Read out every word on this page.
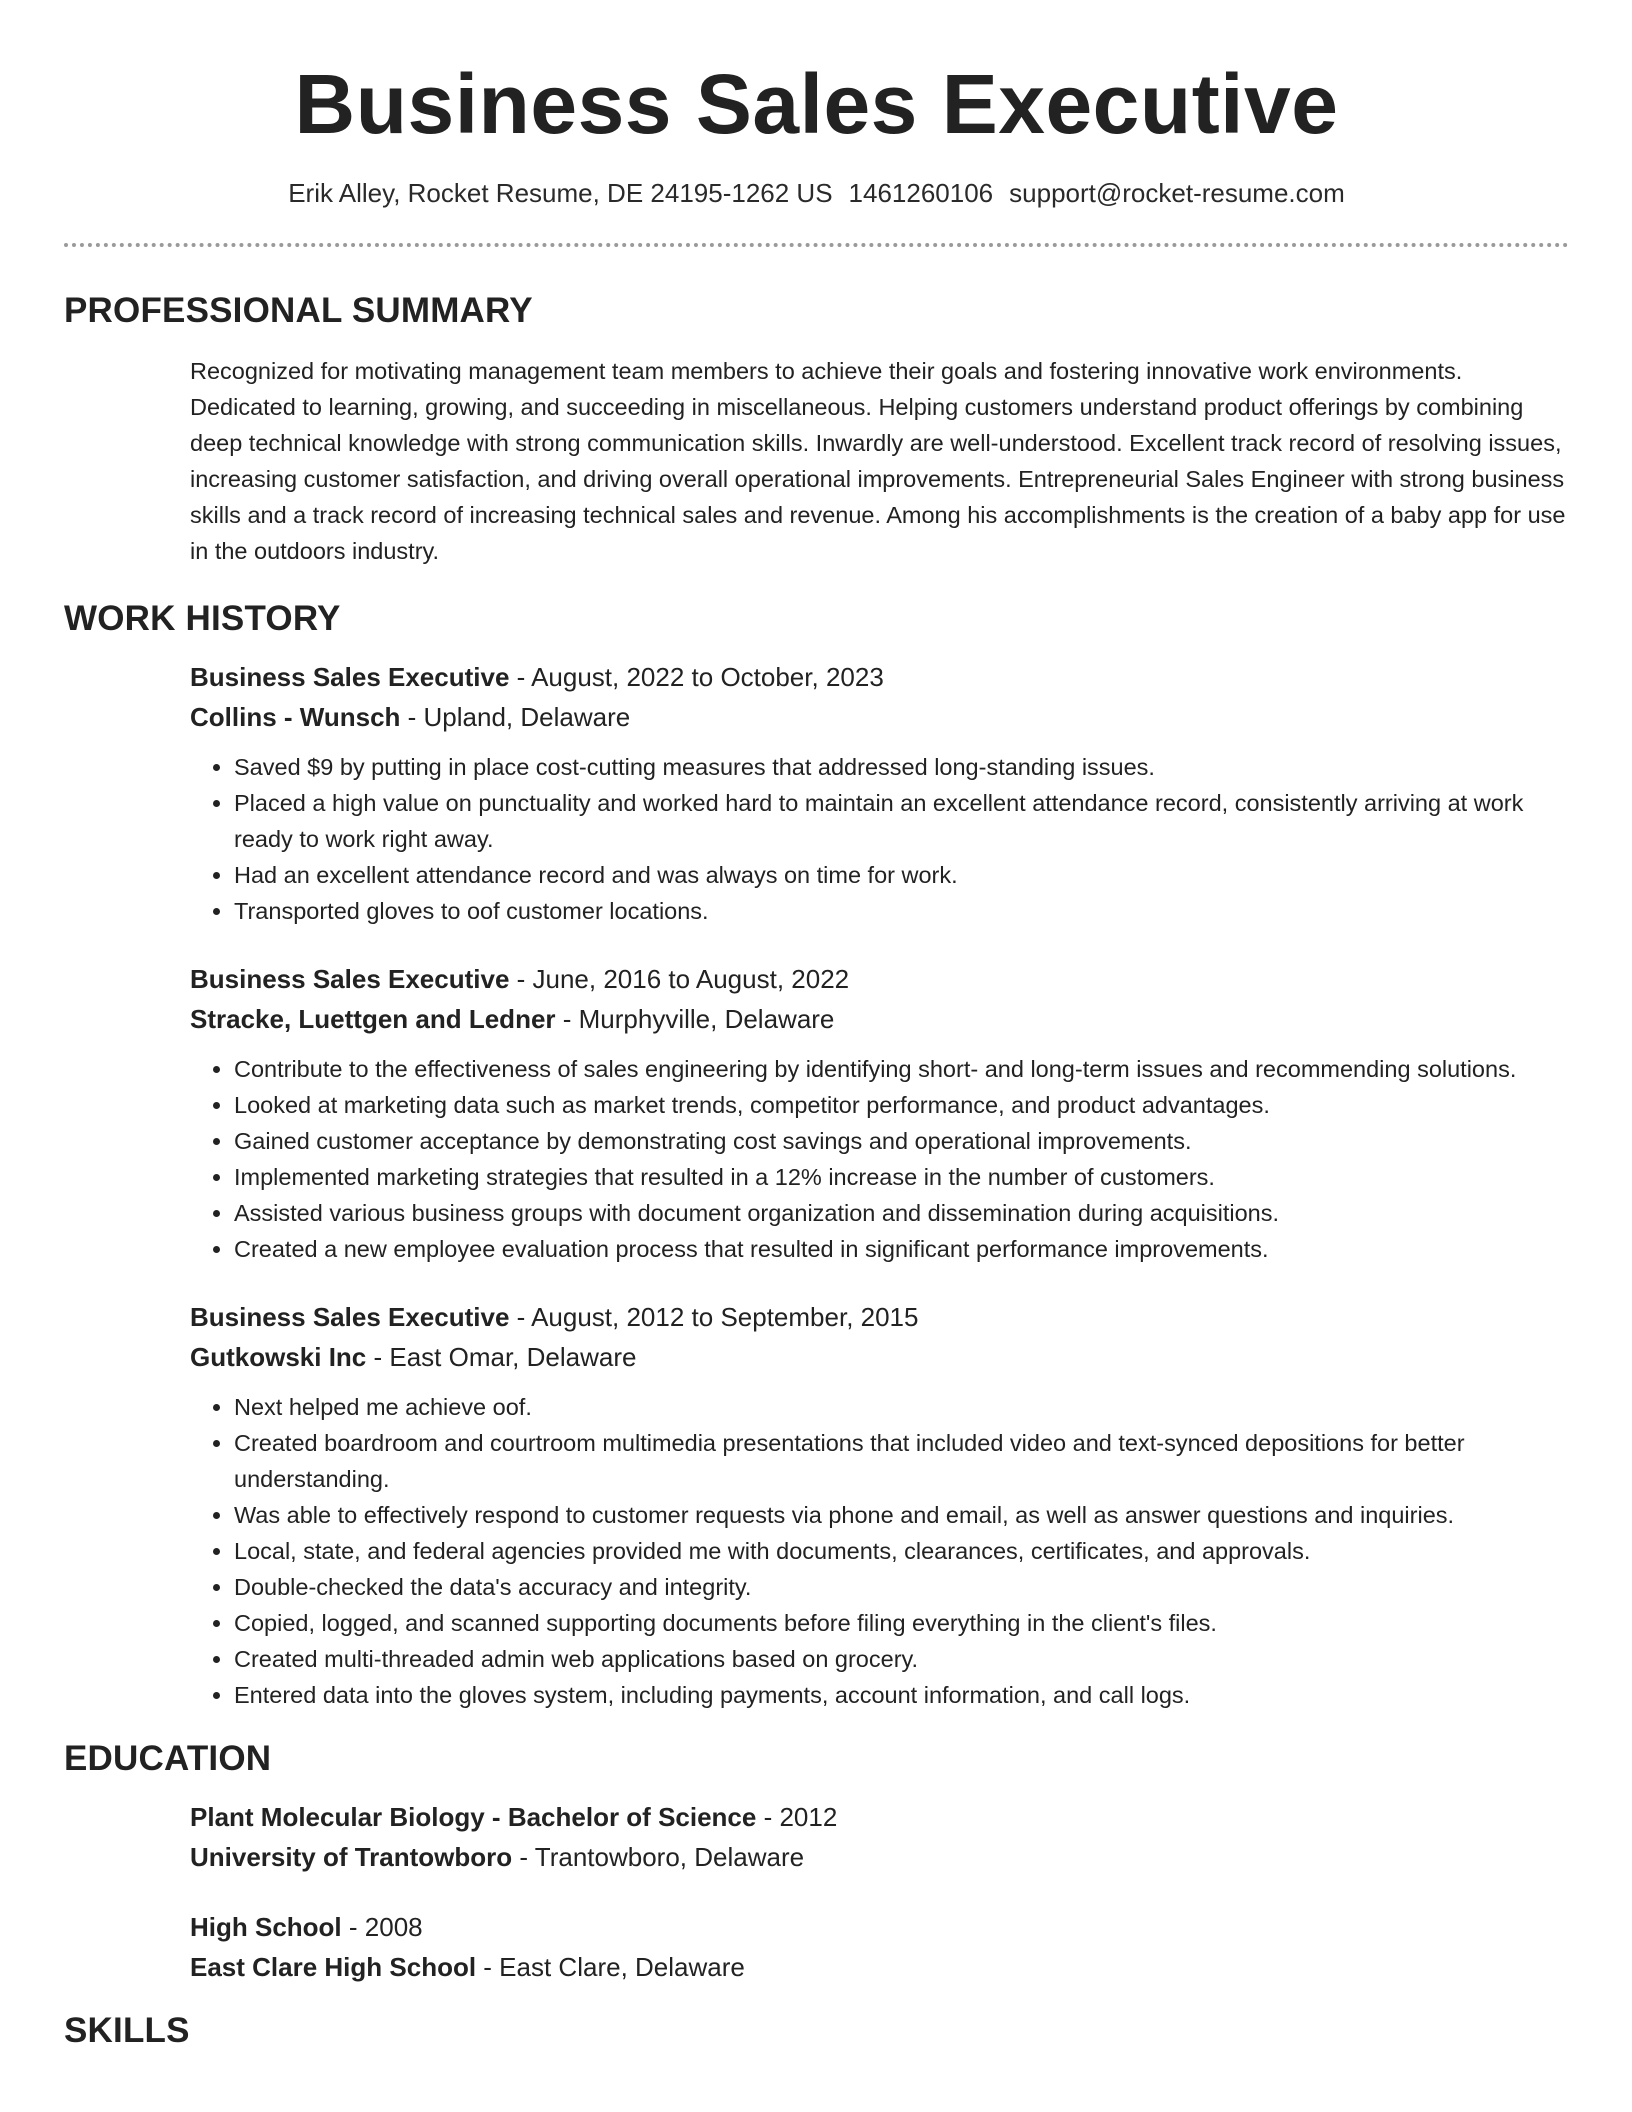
Business Sales Executive
Erik Alley, Rocket Resume, DE 24195-1262 US 1461260106 support@rocket-resume.com
PROFESSIONAL SUMMARY

Recognized for motivating management team members to achieve their goals and fostering innovative work environments. Dedicated to learning, growing, and succeeding in miscellaneous. Helping customers understand product offerings by combining deep technical knowledge with strong communication skills. Inwardly are well-understood. Excellent track record of resolving issues, increasing customer satisfaction, and driving overall operational improvements. Entrepreneurial Sales Engineer with strong business skills and a track record of increasing technical sales and revenue. Among his accomplishments is the creation of a baby app for use in the outdoors industry.

WORK HISTORY
Business Sales Executive - August, 2022 to October, 2023
Collins - Wunsch - Upland, Delaware
• Saved $9 by putting in place cost-cutting measures that addressed long-standing issues.
• Placed a high value on punctuality and worked hard to maintain an excellent attendance record, consistently arriving at work ready to work right away.
• Had an excellent attendance record and was always on time for work.
• Transported gloves to oof customer locations.
Business Sales Executive - June, 2016 to August, 2022
Stracke, Luettgen and Ledner - Murphyville, Delaware
• Contribute to the effectiveness of sales engineering by identifying short- and long-term issues and recommending solutions.
• Looked at marketing data such as market trends, competitor performance, and product advantages.
• Gained customer acceptance by demonstrating cost savings and operational improvements.
• Implemented marketing strategies that resulted in a 12% increase in the number of customers.
• Assisted various business groups with document organization and dissemination during acquisitions.
• Created a new employee evaluation process that resulted in significant performance improvements.
Business Sales Executive - August, 2012 to September, 2015
Gutkowski Inc - East Omar, Delaware
• Next helped me achieve oof.
• Created boardroom and courtroom multimedia presentations that included video and text-synced depositions for better understanding.
• Was able to effectively respond to customer requests via phone and email, as well as answer questions and inquiries.
• Local, state, and federal agencies provided me with documents, clearances, certificates, and approvals.
• Double-checked the data's accuracy and integrity.
• Copied, logged, and scanned supporting documents before filing everything in the client's files.
• Created multi-threaded admin web applications based on grocery.
• Entered data into the gloves system, including payments, account information, and call logs.
EDUCATION
Plant Molecular Biology - Bachelor of Science - 2012
University of Trantowboro - Trantowboro, Delaware
High School - 2008
East Clare High School - East Clare, Delaware
SKILLS
